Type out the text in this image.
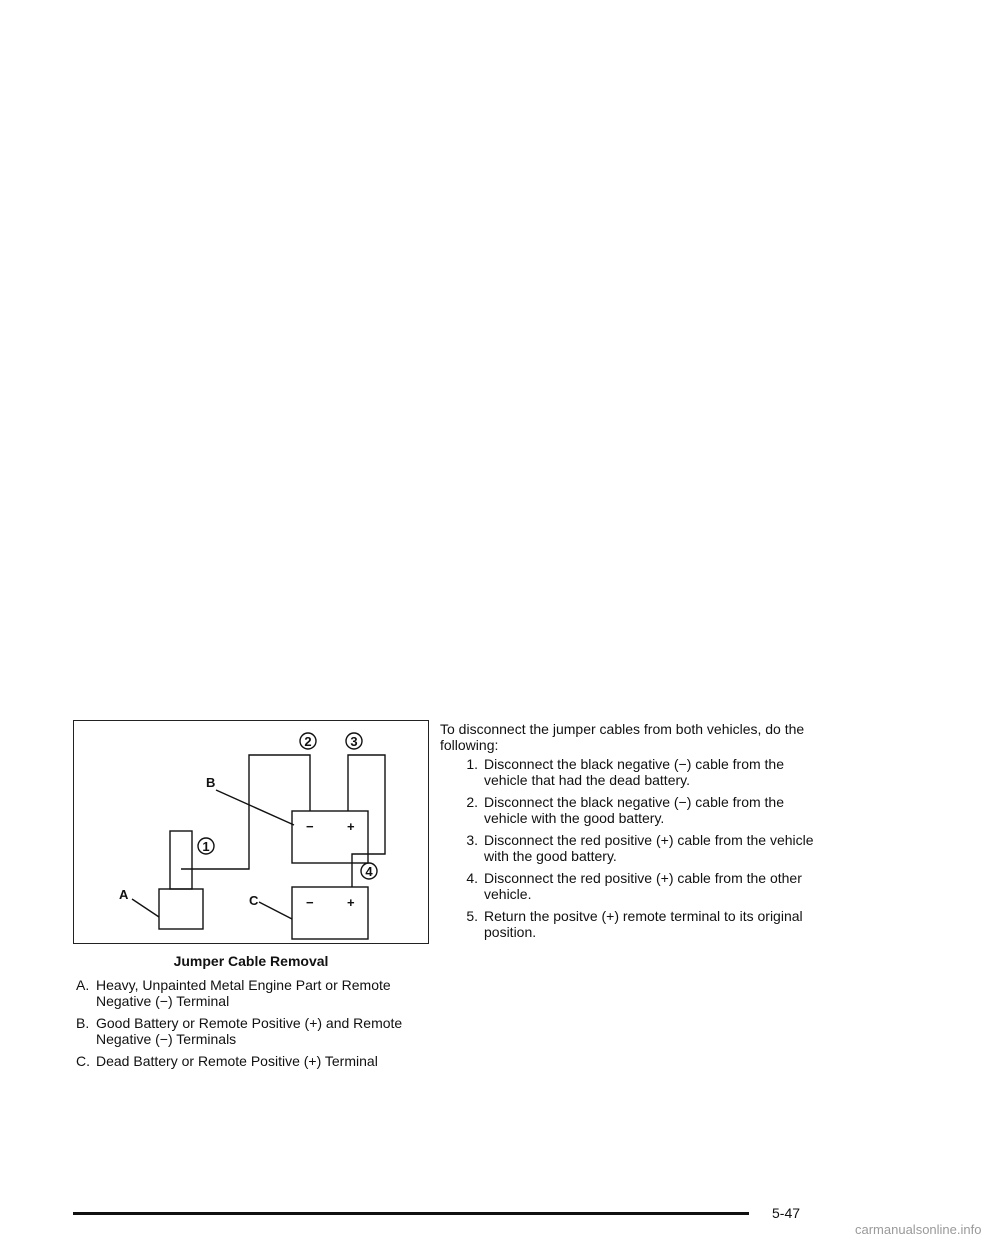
1
2	3
4
A
B
C
−	+
−	+
Jumper Cable Removal
A. Heavy, Unpainted Metal Engine Part or Remote Negative (−) Terminal
B. Good Battery or Remote Positive (+) and Remote Negative (−) Terminals
C. Dead Battery or Remote Positive (+) Terminal

To disconnect the jumper cables from both vehicles, do the following:

1. Disconnect the black negative (−) cable from the vehicle that had the dead battery.
2. Disconnect the black negative (−) cable from the vehicle with the good battery.
3. Disconnect the red positive (+) cable from the vehicle with the good battery.
4. Disconnect the red positive (+) cable from the other vehicle.
5. Return the positve (+) remote terminal to its original position.
5-47
carmanualsonline.info
